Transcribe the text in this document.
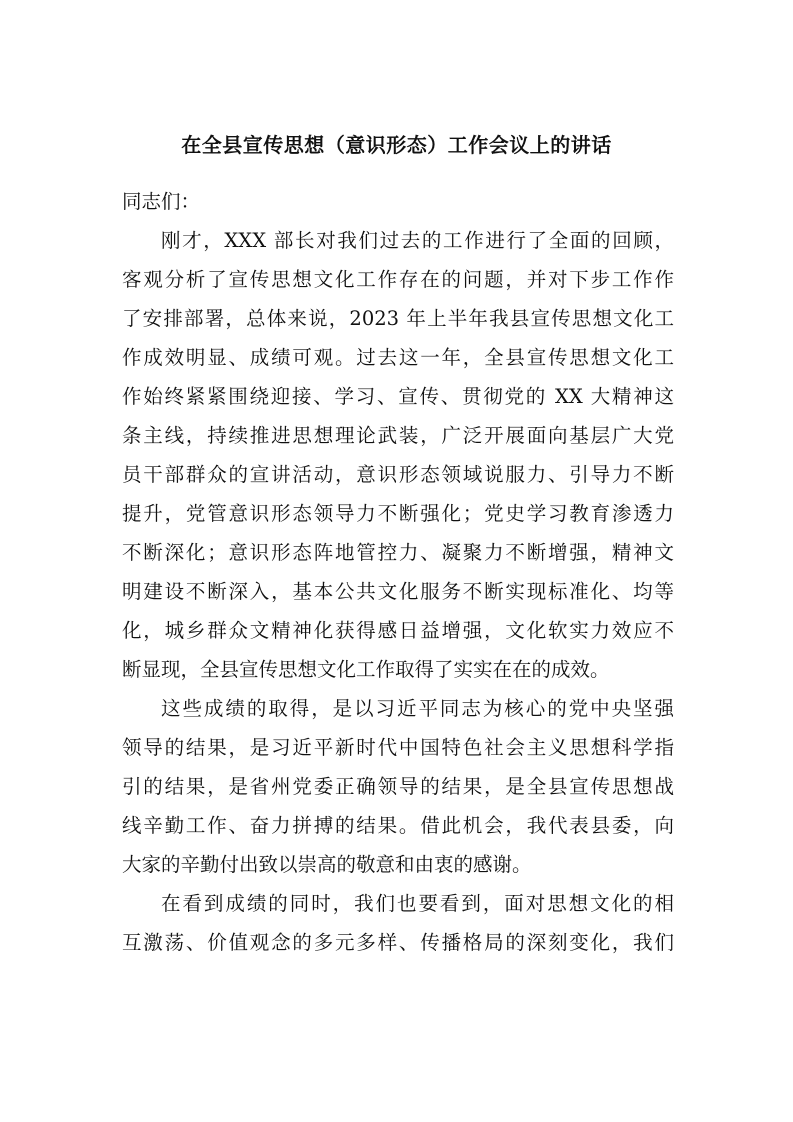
在全县宣传思想（意识形态）工作会议上的讲话
同志们：
刚才，XXX 部长对我们过去的工作进行了全面的回顾，
客观分析了宣传思想文化工作存在的问题，并对下步工作作
了安排部署，总体来说，2023 年上半年我县宣传思想文化工
作成效明显、成绩可观。过去这一年，全县宣传思想文化工
作始终紧紧围绕迎接、学习、宣传、贯彻党的 XX 大精神这
条主线，持续推进思想理论武装，广泛开展面向基层广大党
员干部群众的宣讲活动，意识形态领域说服力、引导力不断
提升，党管意识形态领导力不断强化；党史学习教育渗透力
不断深化；意识形态阵地管控力、凝聚力不断增强，精神文
明建设不断深入，基本公共文化服务不断实现标准化、均等
化，城乡群众文精神化获得感日益增强，文化软实力效应不
断显现，全县宣传思想文化工作取得了实实在在的成效。
这些成绩的取得，是以习近平同志为核心的党中央坚强
领导的结果，是习近平新时代中国特色社会主义思想科学指
引的结果，是省州党委正确领导的结果，是全县宣传思想战
线辛勤工作、奋力拼搏的结果。借此机会，我代表县委，向
大家的辛勤付出致以崇高的敬意和由衷的感谢。
在看到成绩的同时，我们也要看到，面对思想文化的相
互激荡、价值观念的多元多样、传播格局的深刻变化，我们
